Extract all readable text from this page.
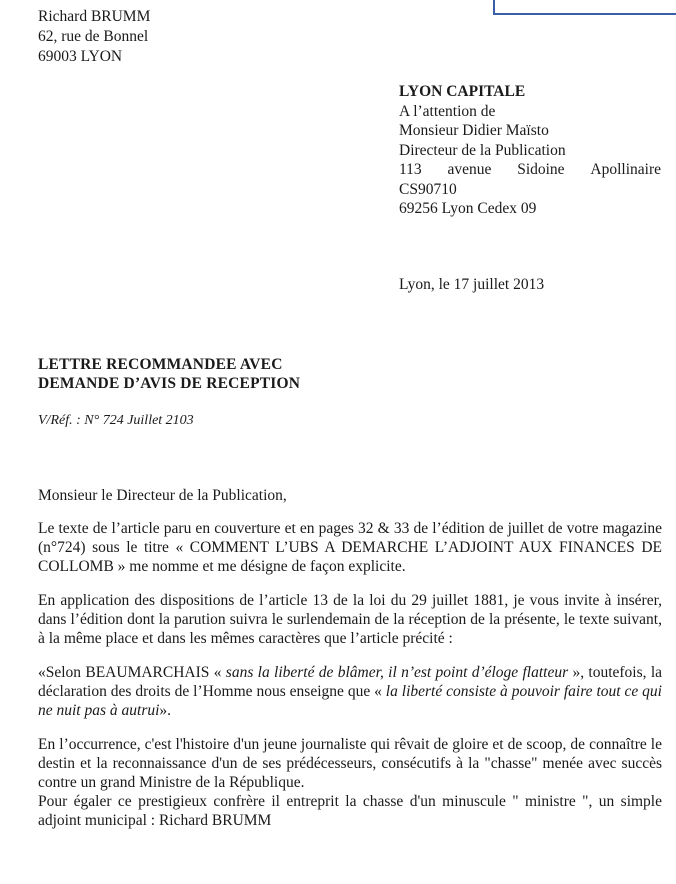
Richard BRUMM
62, rue de Bonnel
69003 LYON
LYON CAPITALE
A l’attention de
Monsieur Didier Maïsto
Directeur de la Publication
113 avenue Sidoine Apollinaire
CS90710
69256 Lyon Cedex 09
Lyon, le 17 juillet 2013
LETTRE RECOMMANDEE AVEC
DEMANDE D’AVIS DE RECEPTION
V/Réf. : N° 724 Juillet 2103

Monsieur le Directeur de la Publication,

Le texte de l’article paru en couverture et en pages 32 & 33 de l’édition de juillet de votre magazine (n°724) sous le titre « COMMENT L’UBS A DEMARCHE L’ADJOINT AUX FINANCES DE COLLOMB » me nomme et me désigne de façon explicite.

En application des dispositions de l’article 13 de la loi du 29 juillet 1881, je vous invite à insérer, dans l’édition dont la parution suivra le surlendemain de la réception de la présente, le texte suivant, à la même place et dans les mêmes caractères que l’article précité :

«Selon BEAUMARCHAIS « sans la liberté de blâmer, il n’est point d’éloge flatteur », toutefois, la déclaration des droits de l’Homme nous enseigne que « la liberté consiste à pouvoir faire tout ce qui ne nuit pas à autrui».

En l’occurrence, c'est l'histoire d'un jeune journaliste qui rêvait de gloire et de scoop, de connaître le destin et la reconnaissance d'un de ses prédécesseurs, consécutifs à la "chasse" menée avec succès contre un grand Ministre de la République.

Pour égaler ce prestigieux confrère il entreprit la chasse d'un minuscule " ministre ", un simple adjoint municipal : Richard BRUMM
